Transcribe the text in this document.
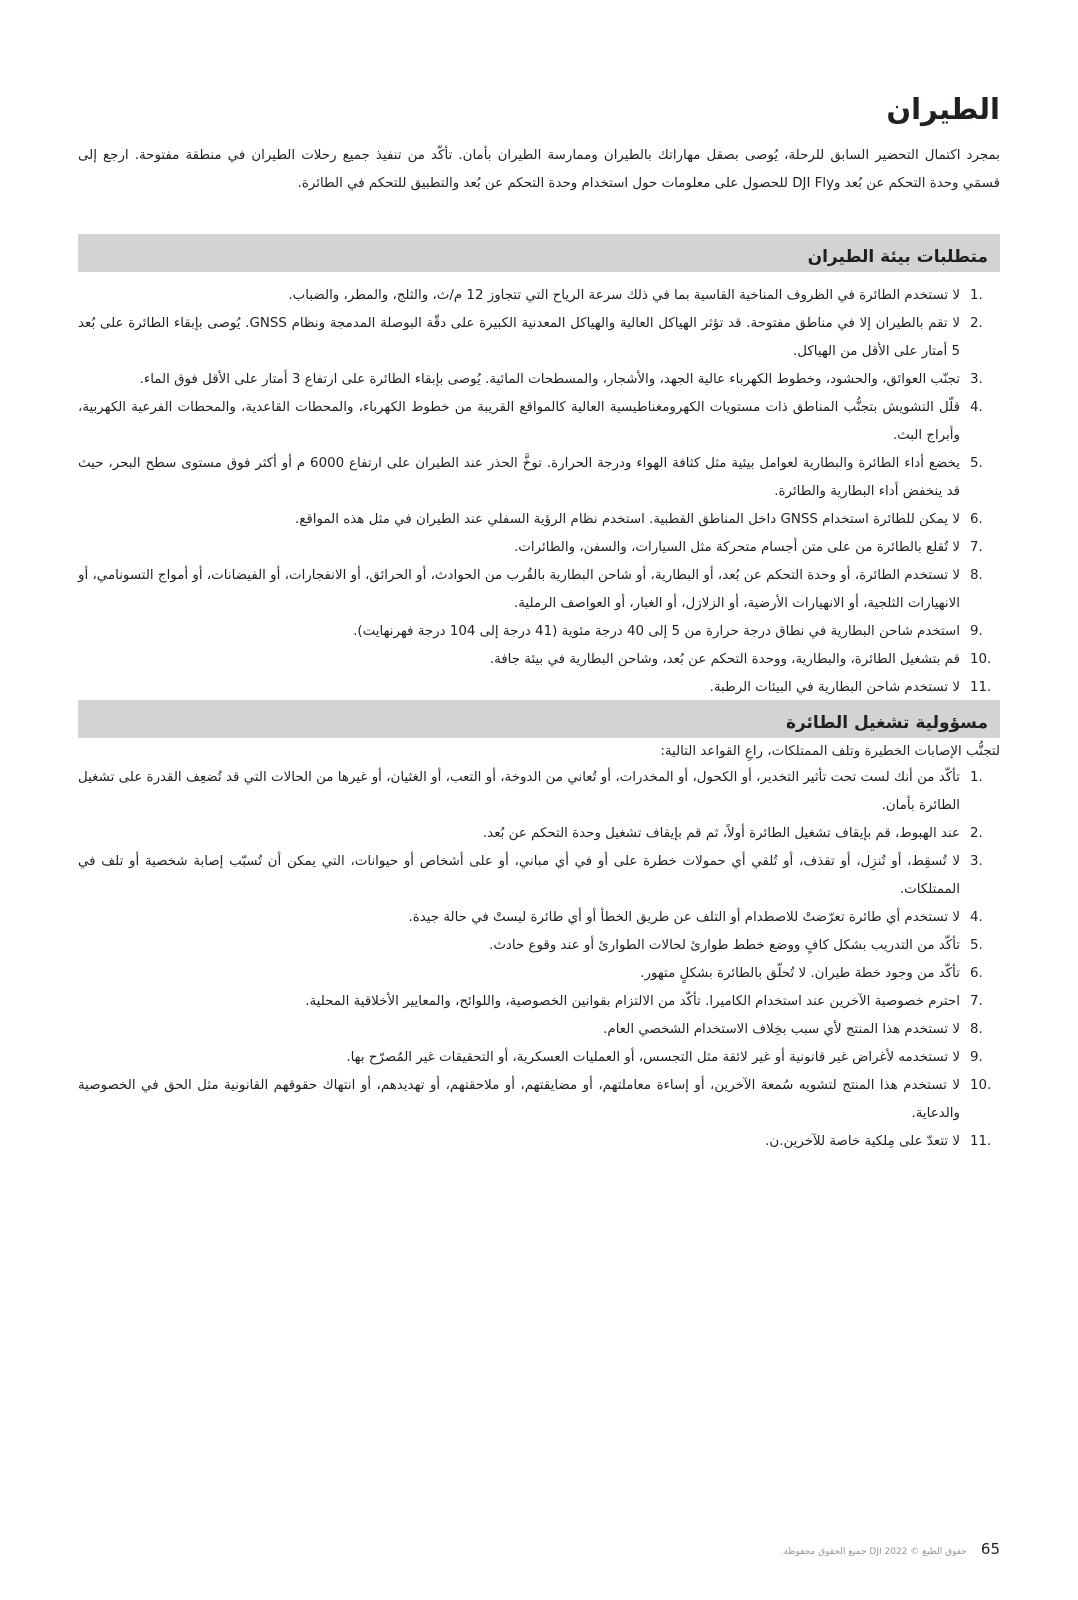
الطيران

بمجرد اكتمال التحضير السابق للرحلة، يُوصى بصقل مهاراتك بالطيران وممارسة الطيران بأمان. تأكّد من تنفيذ جميع رحلات الطيران في منطقة مفتوحة. ارجع إلى قسمَي وحدة التحكم عن بُعد وDJI Fly للحصول على معلومات حول استخدام وحدة التحكم عن بُعد والتطبيق للتحكم في الطائرة.

متطلبات بيئة الطيران
1.
لا تستخدم الطائرة في الظروف المناخية القاسية بما في ذلك سرعة الرياح التي تتجاوز 12 م/ث، والثلج، والمطر، والضباب.
2.
لا تقم بالطيران إلا في مناطق مفتوحة. قد تؤثر الهياكل العالية والهياكل المعدنية الكبيرة على دقّة البوصلة المدمجة ونظام GNSS. يُوصى بإبقاء الطائرة على بُعد 5 أمتار على الأقل من الهياكل.
3.
تجنّب العوائق، والحشود، وخطوط الكهرباء عالية الجهد، والأشجار، والمسطحات المائية. يُوصى بإبقاء الطائرة على ارتفاع 3 أمتار على الأقل فوق الماء.
4.
قلّل التشويش بتجنُّب المناطق ذات مستويات الكهرومغناطيسية العالية كالمواقع القريبة من خطوط الكهرباء، والمحطات القاعدية، والمحطات الفرعية الكهربية، وأبراج البث.
5.
يخضع أداء الطائرة والبطارية لعوامل بيئية مثل كثافة الهواء ودرجة الحرارة. توخَّ الحذر عند الطيران على ارتفاع 6000 م أو أكثر فوق مستوى سطح البحر، حيث قد ينخفض أداء البطارية والطائرة.
6.
لا يمكن للطائرة استخدام GNSS داخل المناطق القطبية. استخدم نظام الرؤية السفلي عند الطيران في مثل هذه المواقع.
7.
لا تُقلع بالطائرة من على متن أجسام متحركة مثل السيارات، والسفن، والطائرات.
8.
لا تستخدم الطائرة، أو وحدة التحكم عن بُعد، أو البطارية، أو شاحن البطارية بالقُرب من الحوادث، أو الحرائق، أو الانفجارات، أو الفيضانات، أو أمواج التسونامي، أو الانهيارات الثلجية، أو الانهيارات الأرضية، أو الزلازل، أو الغبار، أو العواصف الرملية.
9.
استخدم شاحن البطارية في نطاق درجة حرارة من 5 إلى 40 درجة مئوية (41 درجة إلى 104 درجة فهرنهايت).
10.
قم بتشغيل الطائرة، والبطارية، ووحدة التحكم عن بُعد، وشاحن البطارية في بيئة جافة.
11.
لا تستخدم شاحن البطارية في البيئات الرطبة.
مسؤولية تشغيل الطائرة

لتجنُّب الإصابات الخطيرة وتلف الممتلكات، راعِ القواعد التالية:

1.
تأكّد من أنك لست تحت تأثير التخدير، أو الكحول، أو المخدرات، أو تُعاني من الدوخة، أو التعب، أو الغثيان، أو غيرها من الحالات التي قد تُضعِف القدرة على تشغيل الطائرة بأمان.
2.
عند الهبوط، قم بإيقاف تشغيل الطائرة أولاً، ثم قم بإيقاف تشغيل وحدة التحكم عن بُعد.
3.
لا تُسقِط، أو تُنزِل، أو تقذف، أو تُلقي أي حمولات خطرة على أو في أي مباني، أو على أشخاص أو حيوانات، التي يمكن أن تُسبّب إصابة شخصية أو تلف في الممتلكات.
4.
لا تستخدم أي طائرة تعرّضتْ للاصطدام أو التلف عن طريق الخطأ أو أي طائرة ليستْ في حالة جيدة.
5.
تأكّد من التدريب بشكل كافٍ ووضع خطط طوارئ لحالات الطوارئ أو عند وقوع حادث.
6.
تأكّد من وجود خطة طيران. لا تُحلّق بالطائرة بشكلٍ متهور.
7.
احترم خصوصية الآخرين عند استخدام الكاميرا. تأكّد من الالتزام بقوانين الخصوصية، واللوائح، والمعايير الأخلاقية المحلية.
8.
لا تستخدم هذا المنتج لأي سبب بخِلاف الاستخدام الشخصي العام.
9.
لا تستخدمه لأغراض غير قانونية أو غير لائقة مثل التجسس، أو العمليات العسكرية، أو التحقيقات غير المُصرّح بها.
10.
لا تستخدم هذا المنتج لتشويه سُمعة الآخرين، أو إساءة معاملتهم، أو مضايقتهم، أو ملاحقتهم، أو تهديدهم، أو انتهاك حقوقهم القانونية مثل الحق في الخصوصية والدعاية.
11.
لا تتعدّ على مِلكية خاصة للآخرين.ن.
حقوق الطبع © 2022 DJI جميع الحقوق محفوظة. 65
